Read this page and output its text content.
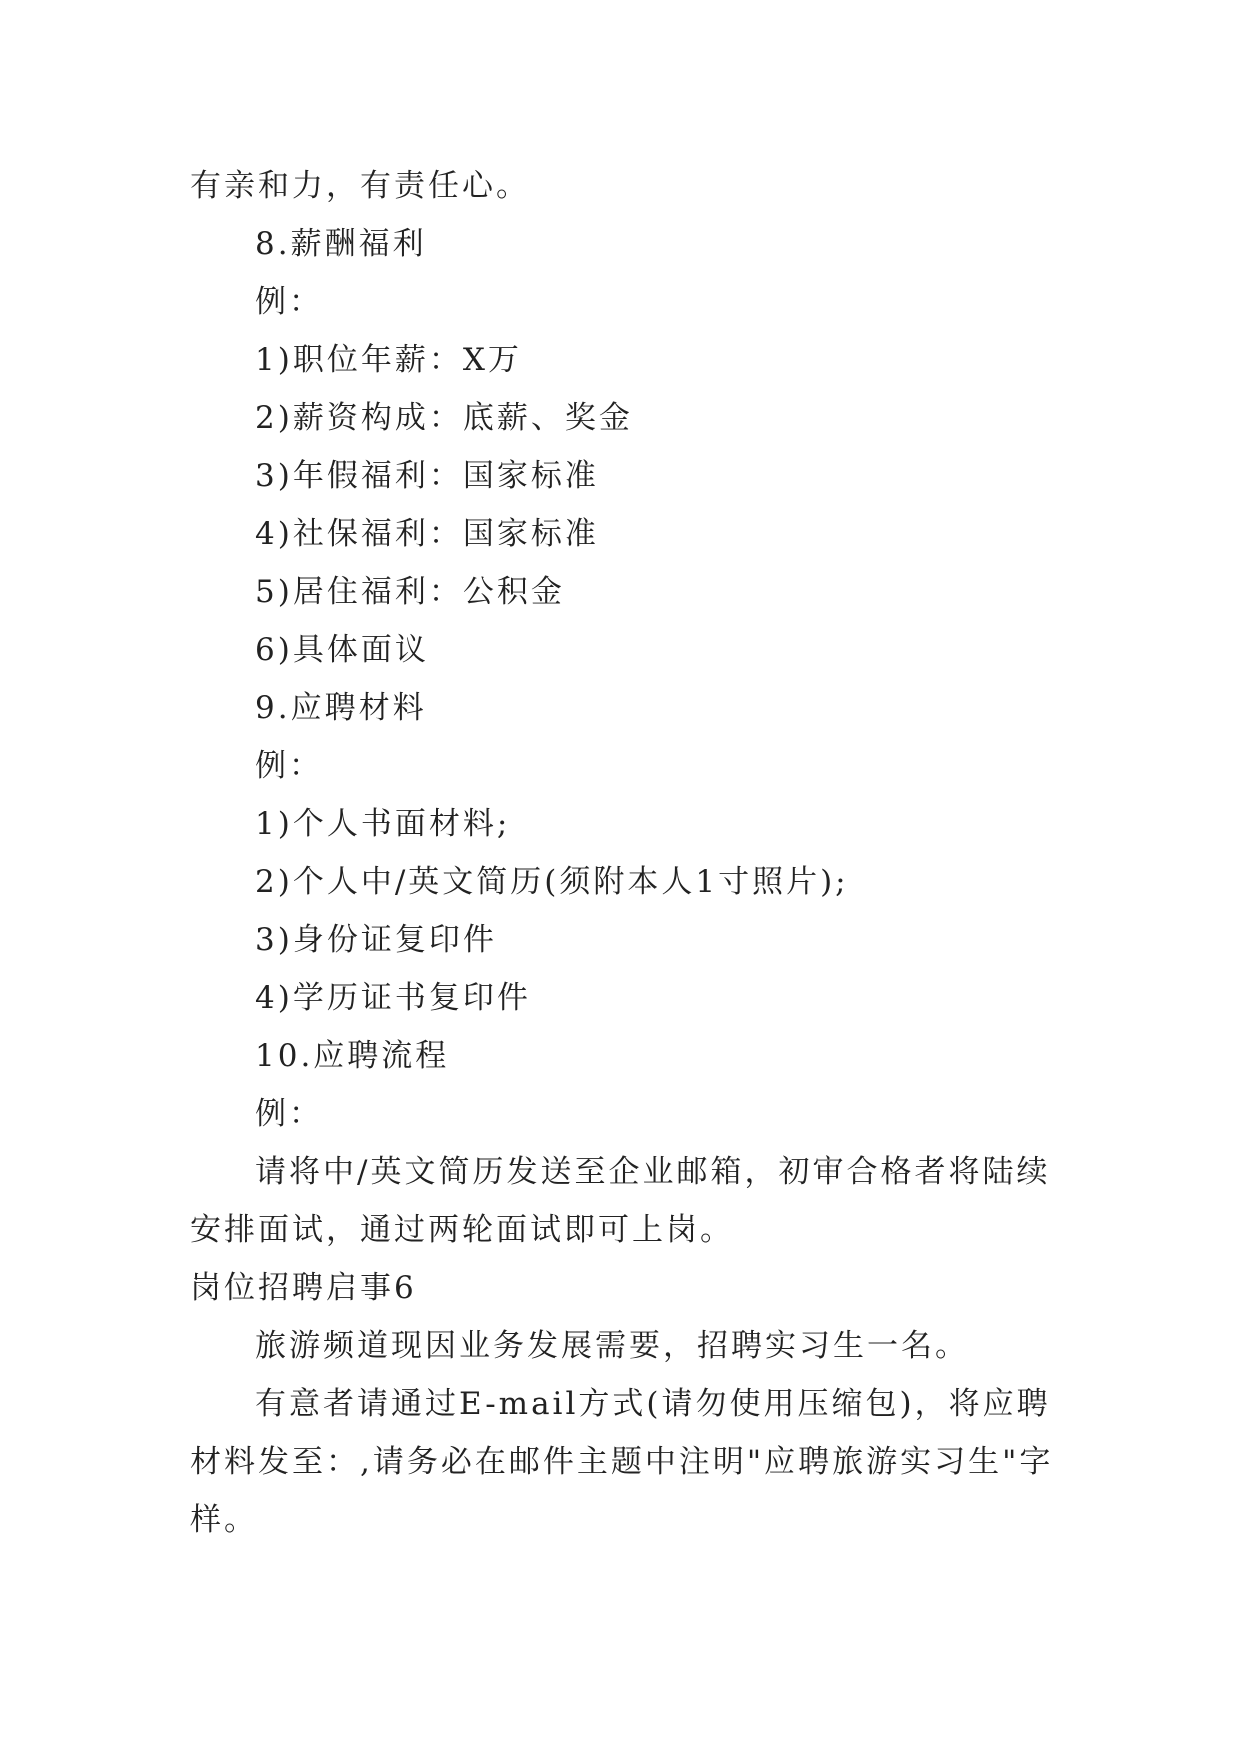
有亲和力，有责任心。
8.薪酬福利
例：
1)职位年薪：X万
2)薪资构成：底薪、奖金
3)年假福利：国家标准
4)社保福利：国家标准
5)居住福利：公积金
6)具体面议
9.应聘材料
例：
1)个人书面材料;
2)个人中/英文简历(须附本人1寸照片);
3)身份证复印件
4)学历证书复印件
10.应聘流程
例：
请将中/英文简历发送至企业邮箱，初审合格者将陆续
安排面试，通过两轮面试即可上岗。
岗位招聘启事6
旅游频道现因业务发展需要，招聘实习生一名。
有意者请通过E-mail方式(请勿使用压缩包)，将应聘
材料发至：,请务必在邮件主题中注明"应聘旅游实习生"字
样。
